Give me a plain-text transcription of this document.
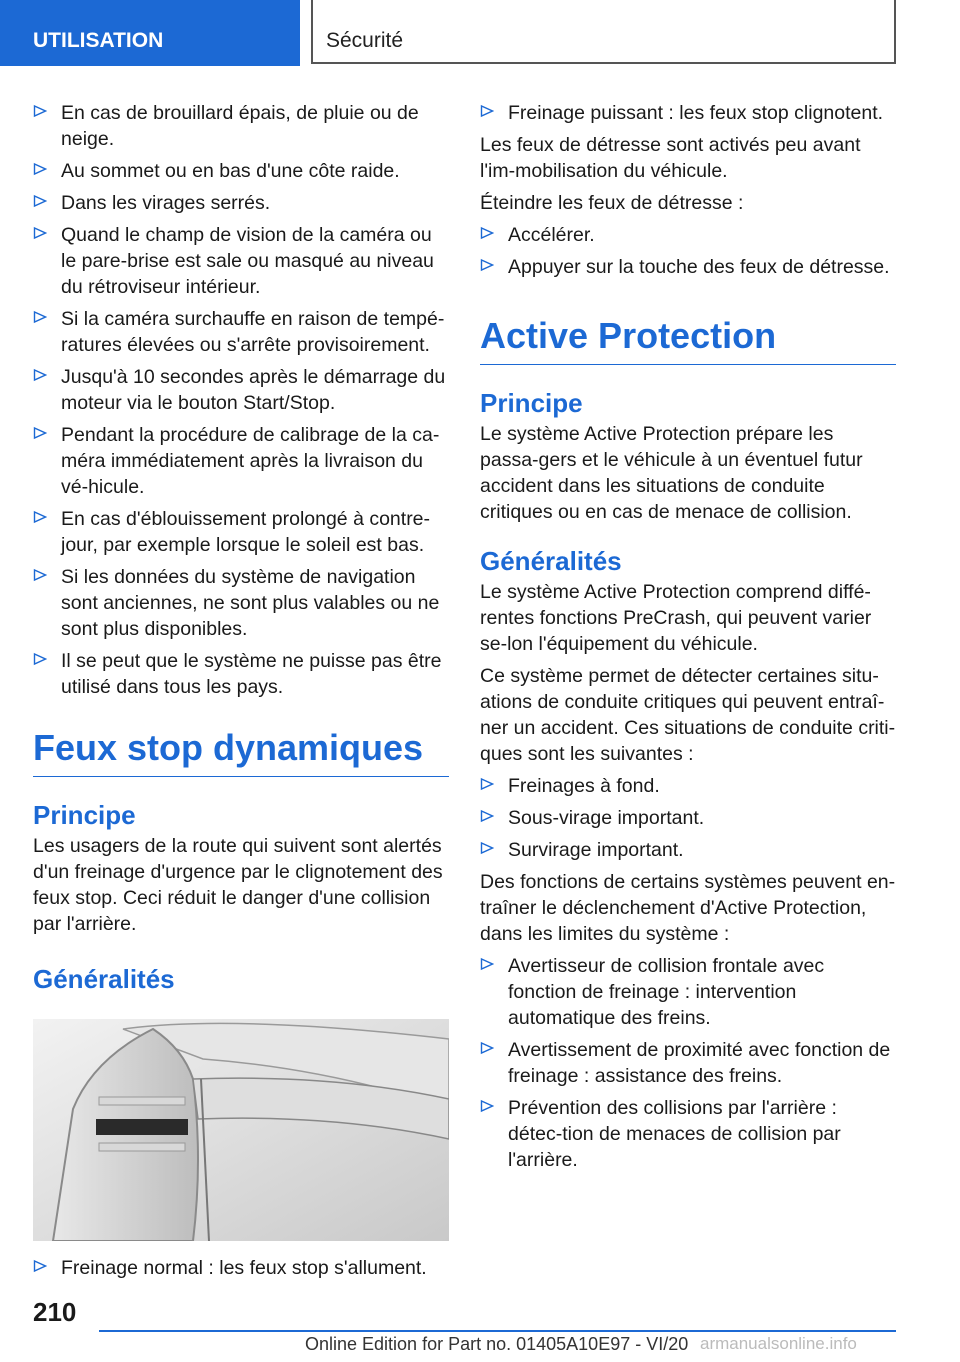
UTILISATION	Sécurité
En cas de brouillard épais, de pluie ou de neige.
Au sommet ou en bas d'une côte raide.
Dans les virages serrés.
Quand le champ de vision de la caméra ou le pare-brise est sale ou masqué au niveau du rétroviseur intérieur.
Si la caméra surchauffe en raison de tempé-ratures élevées ou s'arrête provisoirement.
Jusqu'à 10 secondes après le démarrage du moteur via le bouton Start/Stop.
Pendant la procédure de calibrage de la ca-méra immédiatement après la livraison du vé-hicule.
En cas d'éblouissement prolongé à contre-jour, par exemple lorsque le soleil est bas.
Si les données du système de navigation sont anciennes, ne sont plus valables ou ne sont plus disponibles.
Il se peut que le système ne puisse pas être utilisé dans tous les pays.
Feux stop dynamiques
Principe

Les usagers de la route qui suivent sont alertés d'un freinage d'urgence par le clignotement des feux stop. Ceci réduit le danger d'une collision par l'arrière.

Généralités
Freinage normal : les feux stop s'allument.
Freinage puissant : les feux stop clignotent.

Les feux de détresse sont activés peu avant l'im-mobilisation du véhicule.

Éteindre les feux de détresse :

Accélérer.
Appuyer sur la touche des feux de détresse.
Active Protection
Principe

Le système Active Protection prépare les passa-gers et le véhicule à un éventuel futur accident dans les situations de conduite critiques ou en cas de menace de collision.

Généralités

Le système Active Protection comprend diffé-rentes fonctions PreCrash, qui peuvent varier se-lon l'équipement du véhicule.

Ce système permet de détecter certaines situ-ations de conduite critiques qui peuvent entraî-ner un accident. Ces situations de conduite criti-ques sont les suivantes :

Freinages à fond.
Sous-virage important.
Survirage important.

Des fonctions de certains systèmes peuvent en-traîner le déclenchement d'Active Protection, dans les limites du système :

Avertisseur de collision frontale avec fonction de freinage : intervention automatique des freins.
Avertissement de proximité avec fonction de freinage : assistance des freins.
Prévention des collisions par l'arrière : détec-tion de menaces de collision par l'arrière.
210
Online Edition for Part no. 01405A10E97 - VI/20 armanualsonline.info
